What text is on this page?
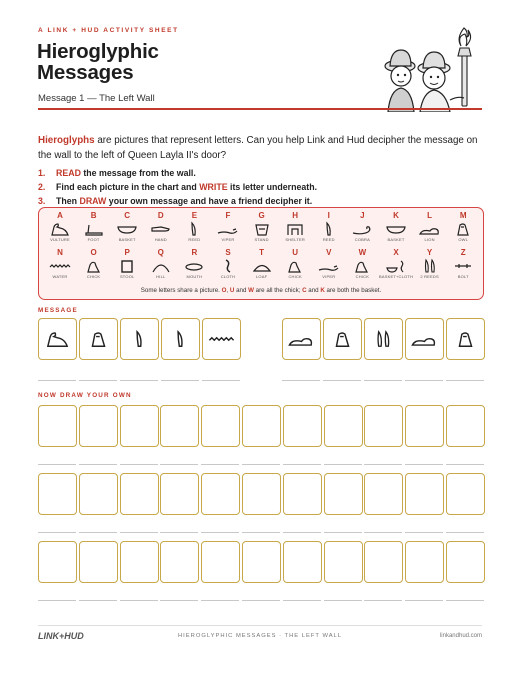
A LINK + HUD ACTIVITY SHEET
Hieroglyphic
Messages
Message 1 — The Left Wall
Hieroglyphs are pictures that represent letters. Can you help Link and Hud decipher the message on the wall to the left of Queen Layla II's door?
1.	READ the message from the wall.
2.	Find each picture in the chart and WRITE its letter underneath.
3.	Then DRAW your own message and have a friend decipher it.
A
VULTURE
B
FOOT
C
BASKET
D
HAND
E
REED
F
VIPER
G
STAND
H
SHELTER
I
REED
J
COBRA
K
BASKET
L
LION
M
OWL
N
WATER
O
CHICK
P
STOOL
Q
HILL
R
MOUTH
S
CLOTH
T
LOAF
U
CHICK
V
VIPER
W
CHICK
X
BASKET+CLOTH
Y
2 REEDS
Z
BOLT
Some letters share a picture. O, U and W are all the chick; C and K are both the basket.
MESSAGE
NOW DRAW YOUR OWN
LINK+HUD	HIEROGLYPHIC MESSAGES · THE LEFT WALL	linkandhud.com
